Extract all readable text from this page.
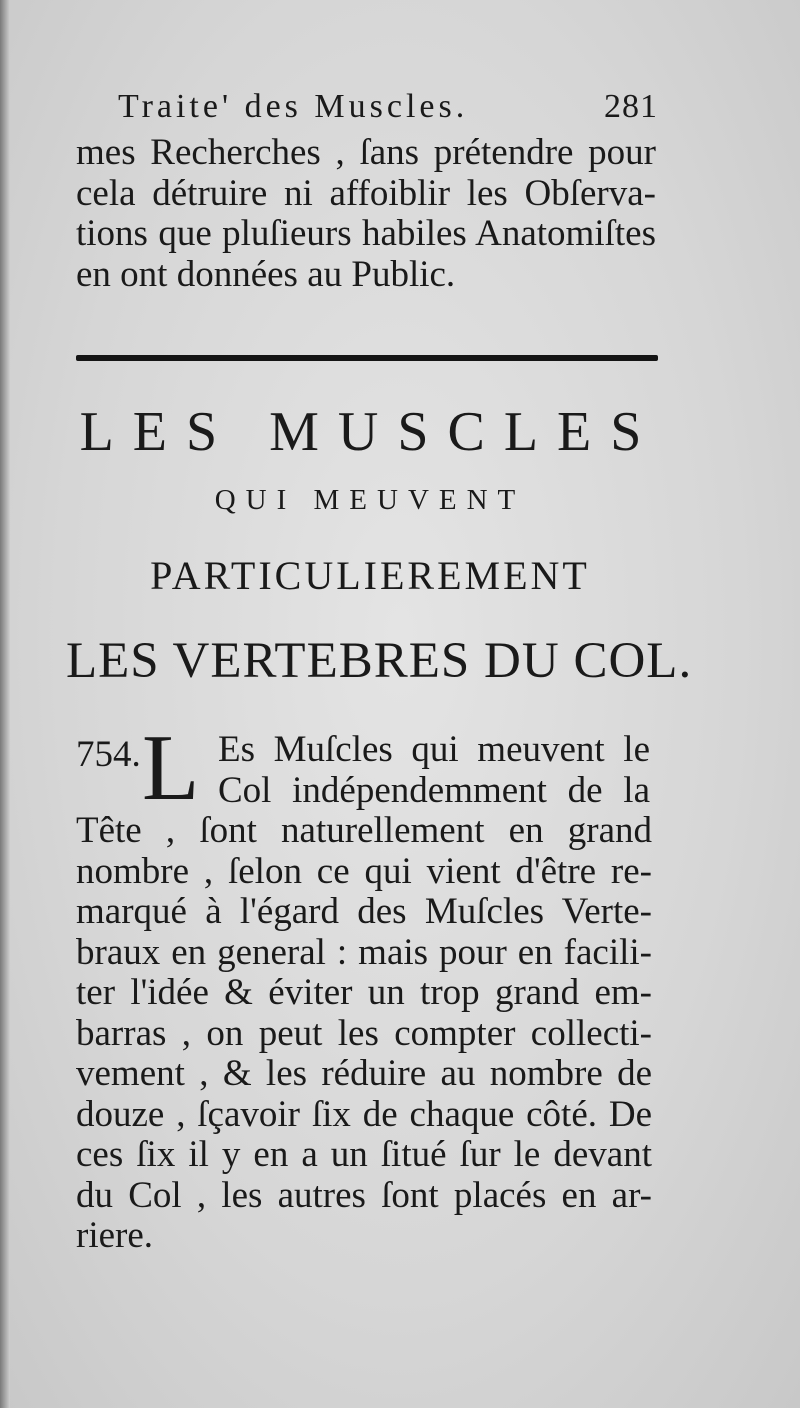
Traite' des Muscles.	281
mes Recherches , ſans prétendre pour
cela détruire ni affoiblir les Obſerva-
tions que pluſieurs habiles Anatomiſtes
en ont données au Public.
LES MUSCLES
QUI MEUVENT
PARTICULIEREMENT
LES VERTEBRES DU COL.
754. L Es Muſcles qui meuvent le
Col indépendemment de la
Tête , ſont naturellement en grand
nombre , ſelon ce qui vient d'être re-
marqué à l'égard des Muſcles Verte-
braux en general : mais pour en facili-
ter l'idée & éviter un trop grand em-
barras , on peut les compter collecti-
vement , & les réduire au nombre de
douze , ſçavoir ſix de chaque côté. De
ces ſix il y en a un ſitué ſur le devant
du Col , les autres ſont placés en ar-
riere.
